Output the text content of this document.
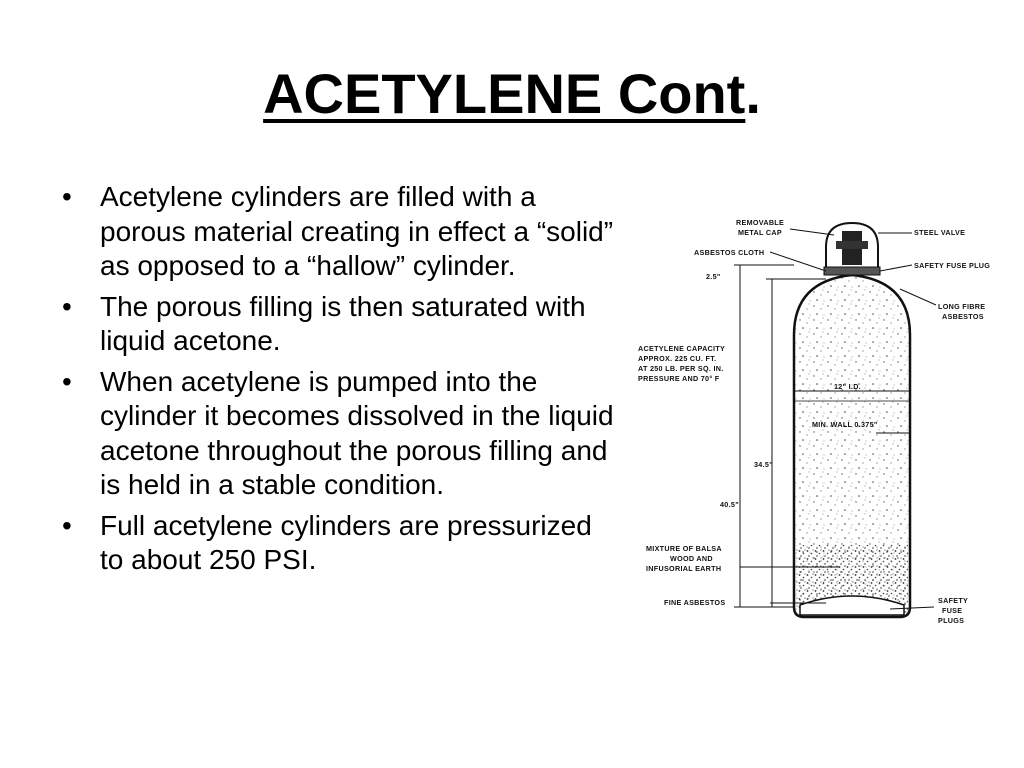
ACETYLENE Cont.
• Acetylene cylinders are filled with a porous material creating in effect a “solid” as opposed to a “hallow” cylinder.
• The porous filling is then saturated with liquid acetone.
• When acetylene is pumped into the cylinder it becomes dissolved in the liquid acetone throughout the porous filling and is held in a stable condition.
• Full acetylene cylinders are pressurized to about 250 PSI.
REMOVABLE
METAL CAP	STEEL VALVE
ASBESTOS CLOTH
SAFETY FUSE PLUG
2.5"
LONG FIBRE
ASBESTOS
ACETYLENE CAPACITY
APPROX. 225 CU. FT.
AT 250 LB. PER SQ. IN.
PRESSURE AND 70° F
12" I.D.
MIN. WALL 0.375"
34.5"
40.5"
MIXTURE OF BALSA
WOOD AND
INFUSORIAL EARTH
FINE ASBESTOS	SAFETY
FUSE
PLUGS
